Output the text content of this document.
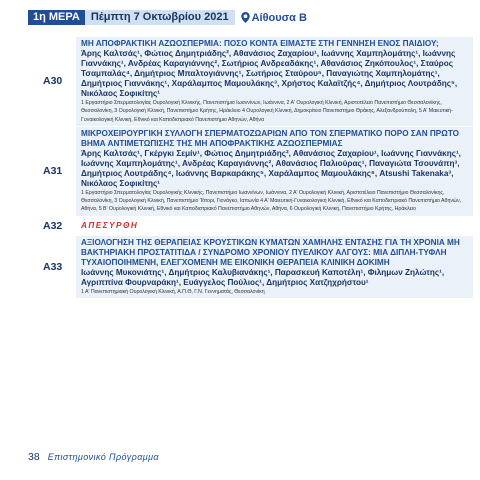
1η ΜΕΡΑ	Πέμπτη 7 Οκτωβρίου 2021	Αίθουσα B
A30
ΜΗ ΑΠΟΦΡΑΚΤΙΚΗ ΑΖΩΟΣΠΕΡΜΙΑ: ΠΟΣΟ ΚΟΝΤΑ ΕΙΜΑΣΤΕ ΣΤΗ ΓΕΝΝΗΣΗ ΕΝΟΣ ΠΑΙΔΙΟΥ;
Άρης Καλτσάς¹, Φώτιος Δημητριάδης², Αθανάσιος Ζαχαρίου¹, Ιωάννης Χαμπηλομάτης¹, Ιωάννης Γιαννάκης¹, Ανδρέας Καραγιάννης², Σωτήριος Ανδρεαδάκης¹, Αθανάσιος Ζηκόπουλος¹, Σταύρος Τσαμπαλάς⁴, Δημήτριος Μπαλτογιάννης¹, Σωτήριος Σταύρου⁵, Παναγιώτης Χαμπηλομάτης¹, Δημήτριος Γιαννάκης¹, Χαράλαμπος Μαμουλάκης³, Χρήστος Καλαϊτζής⁴, Δημήτριος Λουτράδης⁵, Νικόλαος Σοφικίτης¹
1 Εργαστήριο Σπερματολογίας Ουρολογική Κλινικής, Πανεπιστήμιο Ιωαννίνων, Ιωάννινα, 2 Α' Ουρολογική Κλινική, Αριστοτέλειο Πανεπιστήμιο Θεσσαλονίκης, Θεσσαλονίκη, 3 Ουρολογική Κλινική, Πανεπιστήμιο Κρήτης, Ηράκλειο 4 Ουρολογική Κλινική, Δημοκρίτειο Πανεπιστήμιο Θράκης, Αλεξανδρούπολη, 5 Α' Μαιευτική-Γυναικολογική Κλινική, Εθνικό και Καποδιστριακό Πανεπιστήμιο Αθηνών, Αθήνα
A31
ΜΙΚΡΟΧΕΙΡΟΥΡΓΙΚΗ ΣΥΛΛΟΓΗ ΣΠΕΡΜΑΤΟΖΩΑΡΙΩΝ ΑΠΟ ΤΟΝ ΣΠΕΡΜΑΤΙΚΟ ΠΟΡΟ ΣΑΝ ΠΡΩΤΟ ΒΗΜΑ ΑΝΤΙΜΕΤΩΠΙΣΗΣ ΤΗΣ ΜΗ ΑΠΟΦΡΑΚΤΙΚΗΣ ΑΖΩΟΣΠΕΡΜΙΑΣ
Άρης Καλτσάς¹, Γκέργκι Σεμίν¹, Φώτιος Δημητριάδης², Αθανάσιος Ζαχαρίου¹, Ιωάννης Γιαννάκης¹, Ιωάννης Χαμπηλομάτης¹, Ανδρέας Καραγιάννης², Αθανάσιος Παλιούρας¹, Παναγιώτα Τσουνάπη³, Δημήτριος Λουτράδης⁴, Ιωάννης Βαρκαράκης⁵, Χαράλαμπος Μαμουλάκης⁶, Atsushi Takenaka³, Νικόλαος Σοφικίτης¹
1 Εργαστήριο Σπερματολογίας Ουρολογικής Κλινικής, Πανεπιστήμιο Ιωαννίνων, Ιωάννινα, 2 Α' Ουρολογική Κλινική, Αριστοτέλειο Πανεπιστήμιο Θεσσαλονίκης, Θεσσαλονίκη, 3 Ουρολογική Κλινική, Πανεπιστήμιο Τότορι, Γιονάγκο, Ιαπωνία 4 Α' Μαιευτική-Γυναικολογική Κλινική, Εθνικό και Καποδιστριακό Πανεπιστήμιο Αθηνών, Αθήνα, 5 Β' Ουρολογική Κλινική, Εθνικό και Καποδιστριακό Πανεπιστήμιο Αθηνών, Αθήνα, 6 Ουρολογική Κλινική, Πανεπιστήμιο Κρήτης, Ηράκλειο
A32	ΑΠΕΣΥΡΘΗ
A33
ΑΞΙΟΛΟΓΗΣΗ ΤΗΣ ΘΕΡΑΠΕΙΑΣ ΚΡΟΥΣΤΙΚΩΝ ΚΥΜΑΤΩΝ ΧΑΜΗΛΗΣ ΕΝΤΑΣΗΣ ΓΙΑ ΤΗ ΧΡΟΝΙΑ ΜΗ ΒΑΚΤΗΡΙΑΚΗ ΠΡΟΣΤΑΤΙΤΙΔΑ / ΣΥΝΔΡΟΜΟ ΧΡΟΝΙΟΥ ΠΥΕΛΙΚΟΥ ΑΛΓΟΥΣ: ΜΙΑ ΔΙΠΛΗ-ΤΥΦΛΗ ΤΥΧΑΙΟΠΟΙΗΜΕΝΗ, ΕΛΕΓΧΟΜΕΝΗ ΜΕ ΕΙΚΟΝΙΚΗ ΘΕΡΑΠΕΙΑ ΚΛΙΝΙΚΗ ΔΟΚΙΜΗ
Ιωάννης Μυκονιάτης¹, Δημήτριος Καλυβιανάκης¹, Παρασκευή Καποτέλη¹, Φιλημων Ζηλώτης¹, Αγριππίνα Φουρναράκη¹, Ευάγγελος Πούλιος¹, Δημήτριος Χατζηχρήστου¹
1 Α' Πανεπιστημιακή Ουρολογική Κλινική, Α.Π.Θ, Γ.Ν. Γεννηματάς, Θεσσαλονίκη
38 Επιστημονικό Πρόγραμμα
